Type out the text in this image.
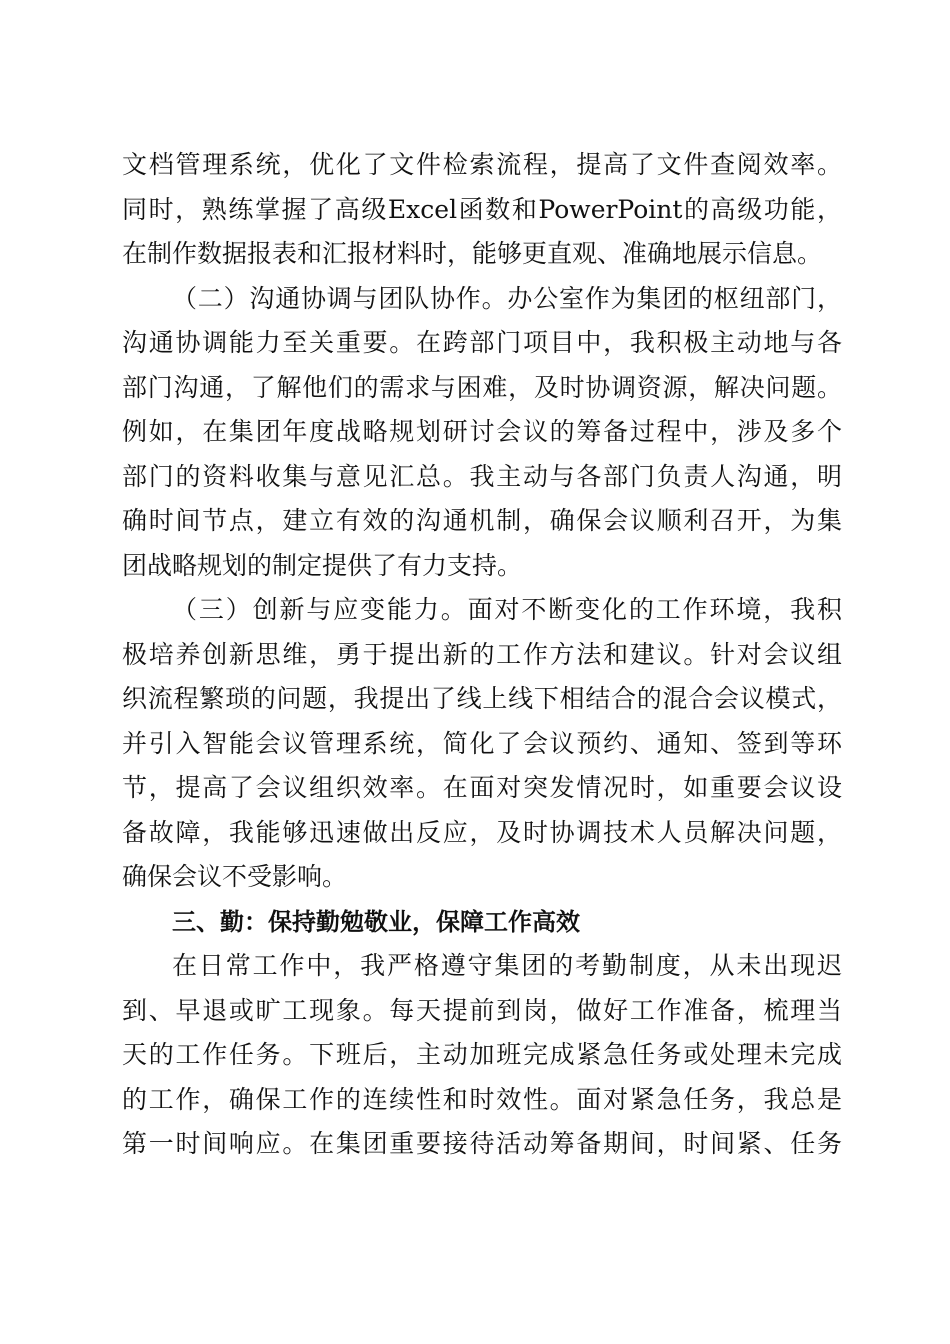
文档管理系统，优化了文件检索流程，提高了文件查阅效率。
同时，熟练掌握了高级Excel函数和PowerPoint的高级功能，
在制作数据报表和汇报材料时，能够更直观、准确地展示信息。
（二）沟通协调与团队协作。办公室作为集团的枢纽部门，
沟通协调能力至关重要。在跨部门项目中，我积极主动地与各
部门沟通，了解他们的需求与困难，及时协调资源，解决问题。
例如，在集团年度战略规划研讨会议的筹备过程中，涉及多个
部门的资料收集与意见汇总。我主动与各部门负责人沟通，明
确时间节点，建立有效的沟通机制，确保会议顺利召开，为集
团战略规划的制定提供了有力支持。
（三）创新与应变能力。面对不断变化的工作环境，我积
极培养创新思维，勇于提出新的工作方法和建议。针对会议组
织流程繁琐的问题，我提出了线上线下相结合的混合会议模式，
并引入智能会议管理系统，简化了会议预约、通知、签到等环
节，提高了会议组织效率。在面对突发情况时，如重要会议设
备故障，我能够迅速做出反应，及时协调技术人员解决问题，
确保会议不受影响。
三、勤：保持勤勉敬业，保障工作高效
在日常工作中，我严格遵守集团的考勤制度，从未出现迟
到、早退或旷工现象。每天提前到岗，做好工作准备，梳理当
天的工作任务。下班后，主动加班完成紧急任务或处理未完成
的工作，确保工作的连续性和时效性。面对紧急任务，我总是
第一时间响应。在集团重要接待活动筹备期间，时间紧、任务
